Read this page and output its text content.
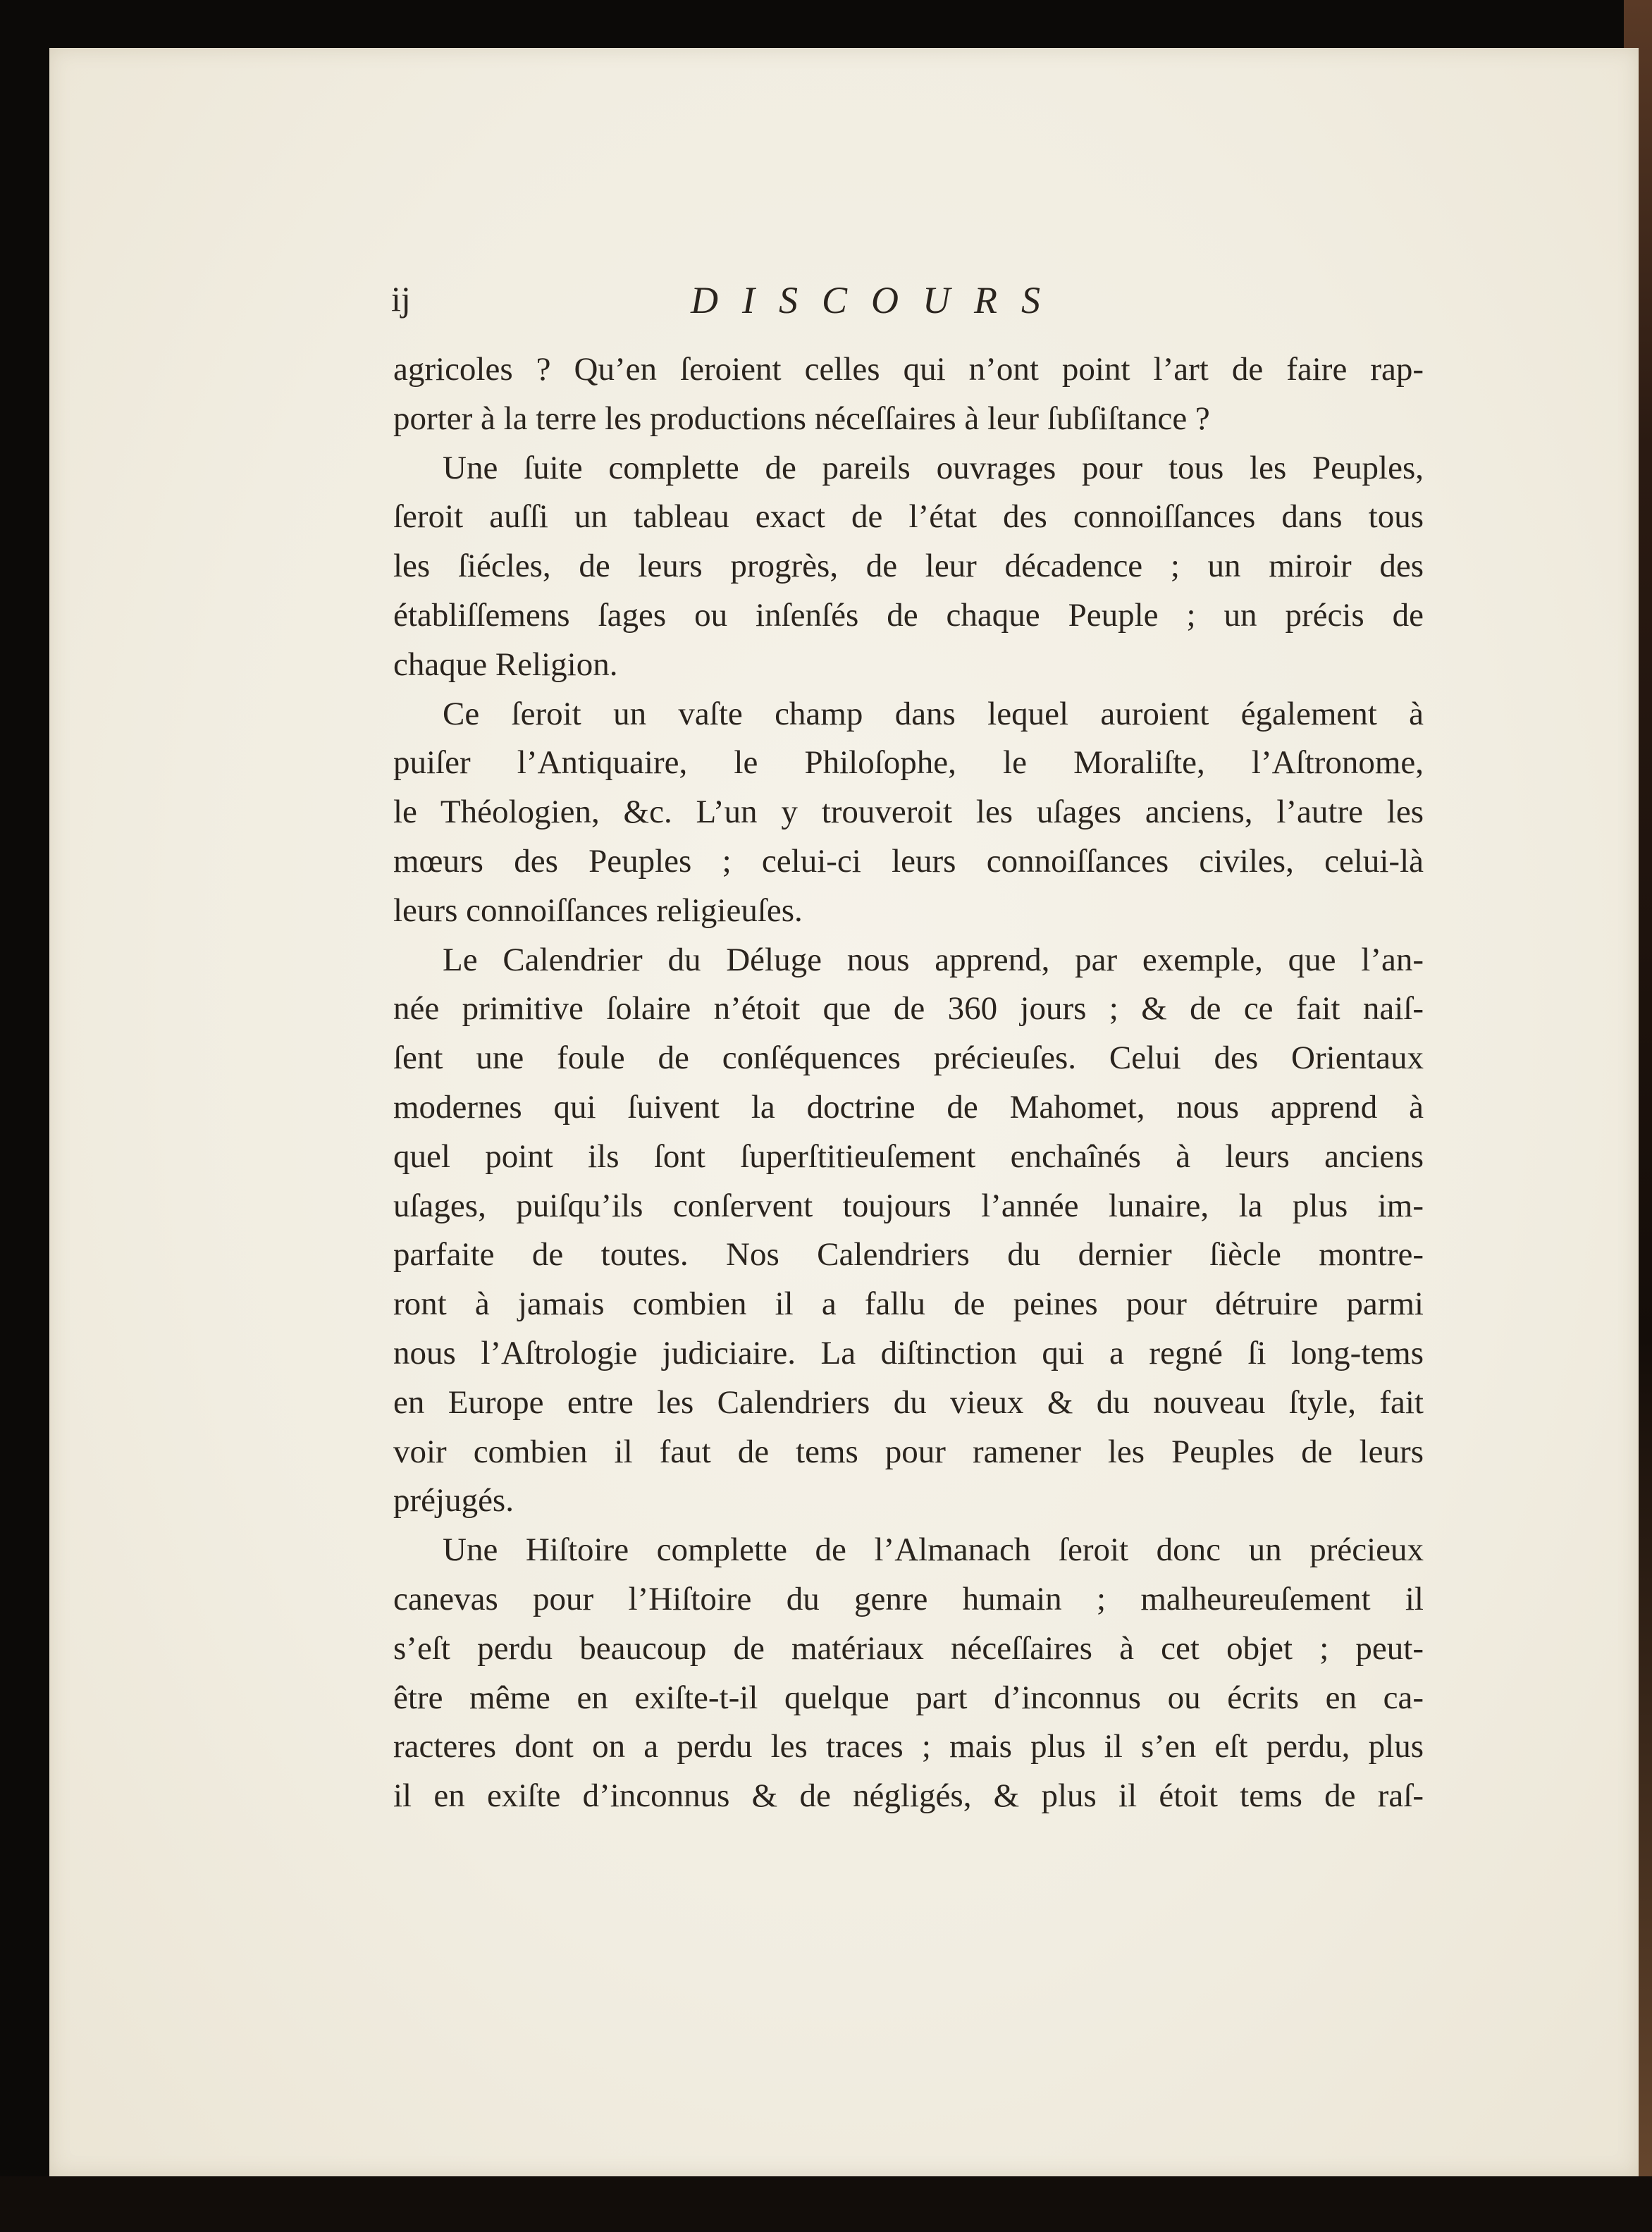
ij	DISCOURS
agricoles ? Qu’en ſeroient celles qui n’ont point l’art de faire rap-
porter à la terre les productions néceſſaires à leur ſubſiſtance ?
Une ſuite complette de pareils ouvrages pour tous les Peuples,
ſeroit auſſi un tableau exact de l’état des connoiſſances dans tous
les ſiécles, de leurs progrès, de leur décadence ; un miroir des
établiſſemens ſages ou inſenſés de chaque Peuple ; un précis de
chaque Religion.
Ce ſeroit un vaſte champ dans lequel auroient également à
puiſer l’Antiquaire, le Philoſophe, le Moraliſte, l’Aſtronome,
le Théologien, &c. L’un y trouveroit les uſages anciens, l’autre les
mœurs des Peuples ; celui-ci leurs connoiſſances civiles, celui-là
leurs connoiſſances religieuſes.
Le Calendrier du Déluge nous apprend, par exemple, que l’an-
née primitive ſolaire n’étoit que de 360 jours ; & de ce fait naiſ-
ſent une foule de conſéquences précieuſes. Celui des Orientaux
modernes qui ſuivent la doctrine de Mahomet, nous apprend à
quel point ils ſont ſuperſtitieuſement enchaînés à leurs anciens
uſages, puiſqu’ils conſervent toujours l’année lunaire, la plus im-
parfaite de toutes. Nos Calendriers du dernier ſiècle montre-
ront à jamais combien il a fallu de peines pour détruire parmi
nous l’Aſtrologie judiciaire. La diſtinction qui a regné ſi long-tems
en Europe entre les Calendriers du vieux & du nouveau ſtyle, fait
voir combien il faut de tems pour ramener les Peuples de leurs
préjugés.
Une Hiſtoire complette de l’Almanach ſeroit donc un précieux
canevas pour l’Hiſtoire du genre humain ; malheureuſement il
s’eſt perdu beaucoup de matériaux néceſſaires à cet objet ; peut-
être même en exiſte-t-il quelque part d’inconnus ou écrits en ca-
racteres dont on a perdu les traces ; mais plus il s’en eſt perdu, plus
il en exiſte d’inconnus & de négligés, & plus il étoit tems de raſ-
